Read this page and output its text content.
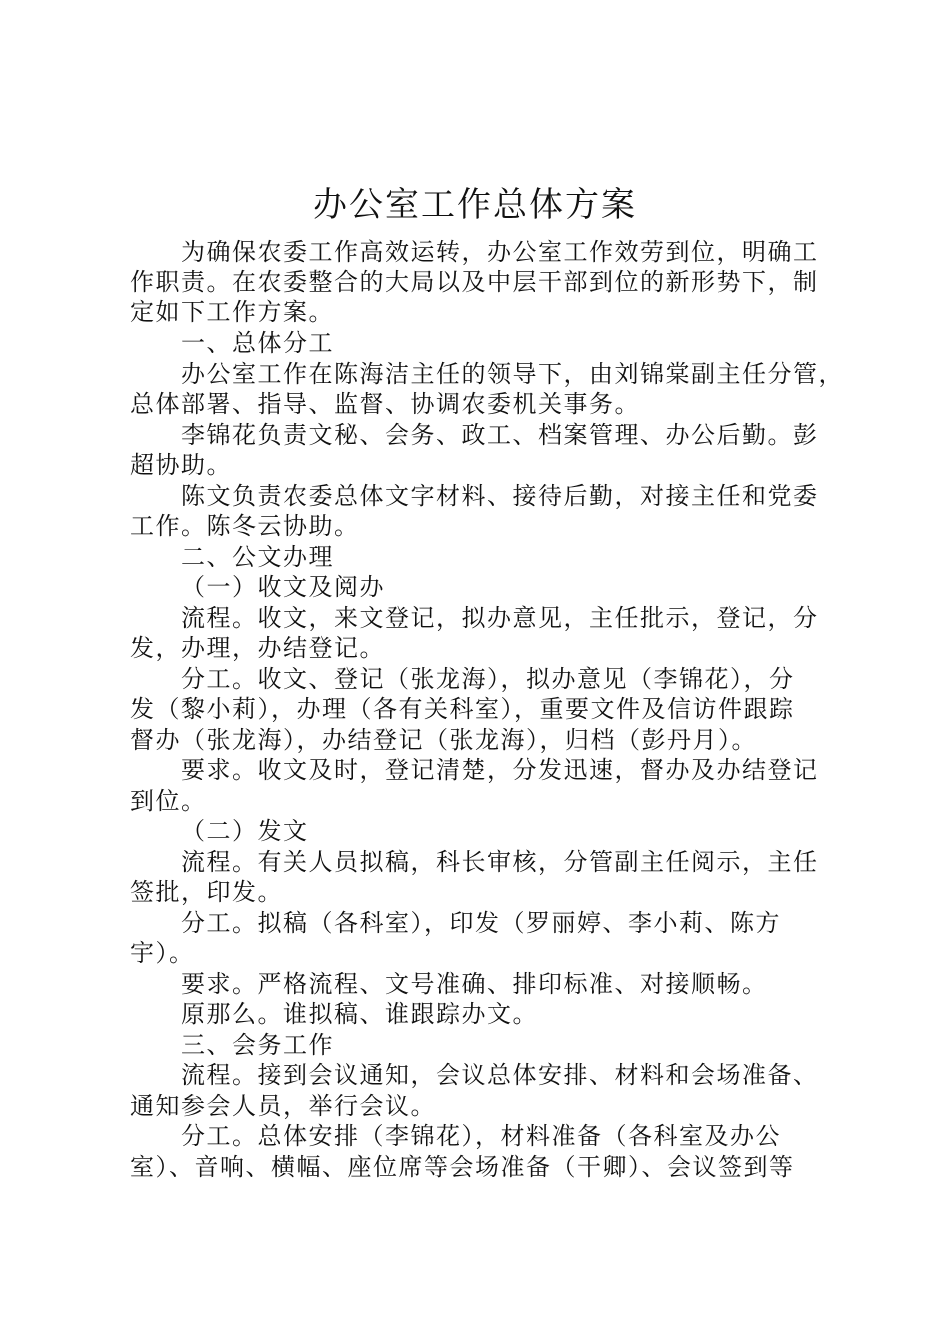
办公室工作总体方案
为确保农委工作高效运转，办公室工作效劳到位，明确工
作职责。在农委整合的大局以及中层干部到位的新形势下，制
定如下工作方案。
一、总体分工
办公室工作在陈海洁主任的领导下，由刘锦棠副主任分管，
总体部署、指导、监督、协调农委机关事务。
李锦花负责文秘、会务、政工、档案管理、办公后勤。彭
超协助。
陈文负责农委总体文字材料、接待后勤，对接主任和党委
工作。陈冬云协助。
二、公文办理
（一）收文及阅办
流程。收文，来文登记，拟办意见，主任批示，登记，分
发，办理，办结登记。
分工。收文、登记（张龙海），拟办意见（李锦花），分
发（黎小莉），办理（各有关科室），重要文件及信访件跟踪
督办（张龙海），办结登记（张龙海），归档（彭丹月）。
要求。收文及时，登记清楚，分发迅速，督办及办结登记
到位。
（二）发文
流程。有关人员拟稿，科长审核，分管副主任阅示，主任
签批，印发。
分工。拟稿（各科室），印发（罗丽婷、李小莉、陈方
宇）。
要求。严格流程、文号准确、排印标准、对接顺畅。
原那么。谁拟稿、谁跟踪办文。
三、会务工作
流程。接到会议通知，会议总体安排、材料和会场准备、
通知参会人员，举行会议。
分工。总体安排（李锦花），材料准备（各科室及办公
室）、音响、横幅、座位席等会场准备（干卿）、会议签到等
